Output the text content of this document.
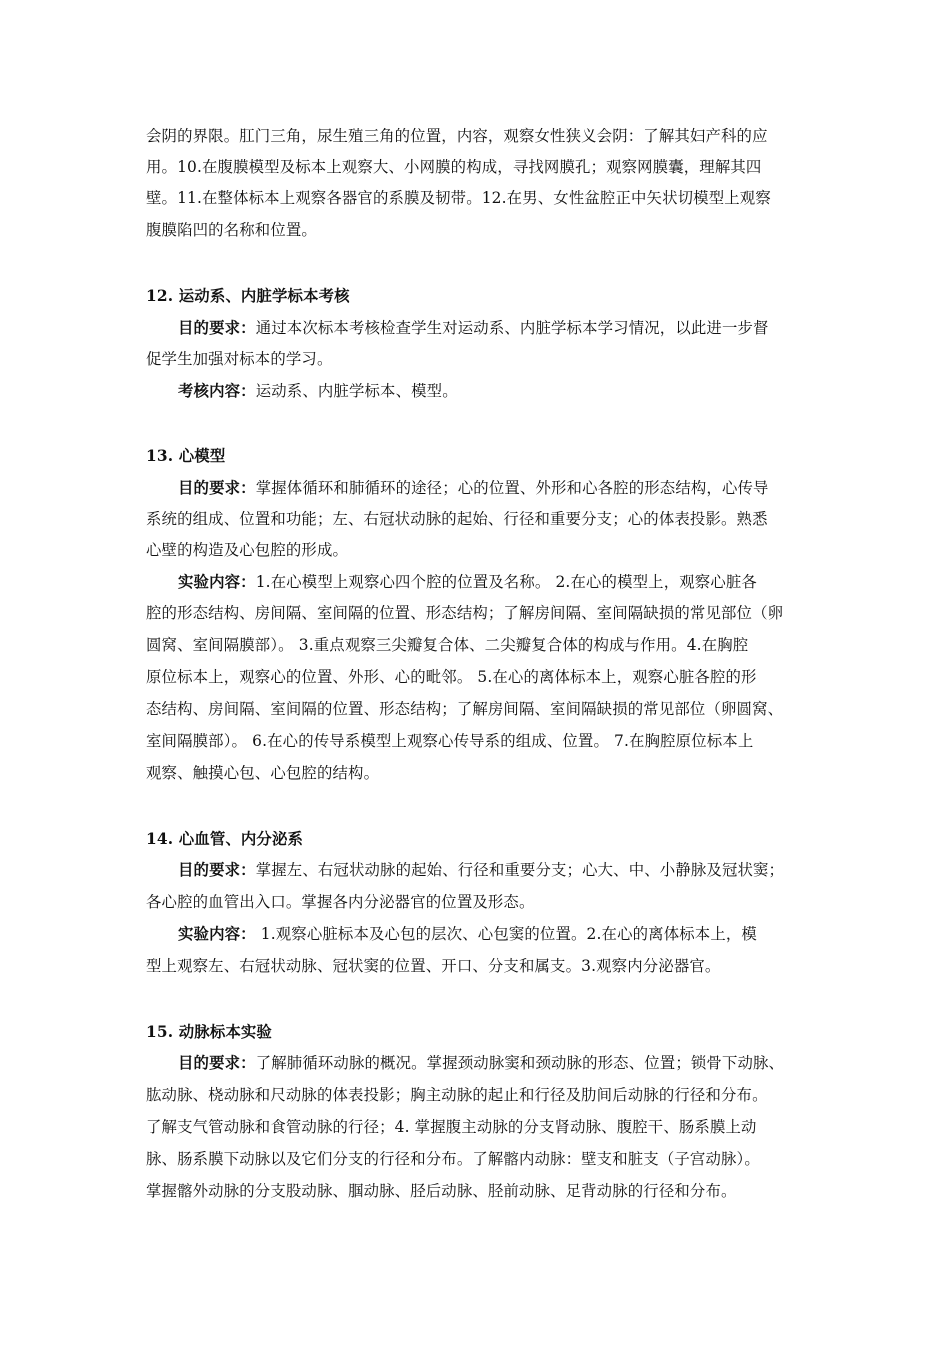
会阴的界限。肛门三角，尿生殖三角的位置，内容，观察女性狭义会阴：了解其妇产科的应
用。10.在腹膜模型及标本上观察大、小网膜的构成，寻找网膜孔；观察网膜囊，理解其四
壁。11.在整体标本上观察各器官的系膜及韧带。12.在男、女性盆腔正中矢状切模型上观察
腹膜陷凹的名称和位置。
12. 运动系、内脏学标本考核
目的要求：通过本次标本考核检查学生对运动系、内脏学标本学习情况，以此进一步督
促学生加强对标本的学习。
考核内容：运动系、内脏学标本、模型。
13. 心模型
目的要求：掌握体循环和肺循环的途径；心的位置、外形和心各腔的形态结构，心传导
系统的组成、位置和功能；左、右冠状动脉的起始、行径和重要分支；心的体表投影。熟悉
心壁的构造及心包腔的形成。
实验内容：1.在心模型上观察心四个腔的位置及名称。 2.在心的模型上，观察心脏各
腔的形态结构、房间隔、室间隔的位置、形态结构；了解房间隔、室间隔缺损的常见部位（卵
圆窝、室间隔膜部）。 3.重点观察三尖瓣复合体、二尖瓣复合体的构成与作用。4.在胸腔
原位标本上，观察心的位置、外形、心的毗邻。 5.在心的离体标本上，观察心脏各腔的形
态结构、房间隔、室间隔的位置、形态结构；了解房间隔、室间隔缺损的常见部位（卵圆窝、
室间隔膜部）。 6.在心的传导系模型上观察心传导系的组成、位置。 7.在胸腔原位标本上
观察、触摸心包、心包腔的结构。
14. 心血管、内分泌系
目的要求：掌握左、右冠状动脉的起始、行径和重要分支；心大、中、小静脉及冠状窦；
各心腔的血管出入口。掌握各内分泌器官的位置及形态。
实验内容： 1.观察心脏标本及心包的层次、心包窦的位置。2.在心的离体标本上，模
型上观察左、右冠状动脉、冠状窦的位置、开口、分支和属支。3.观察内分泌器官。
15. 动脉标本实验
目的要求：了解肺循环动脉的概况。掌握颈动脉窦和颈动脉的形态、位置；锁骨下动脉、
肱动脉、桡动脉和尺动脉的体表投影；胸主动脉的起止和行径及肋间后动脉的行径和分布。
了解支气管动脉和食管动脉的行径；4. 掌握腹主动脉的分支肾动脉、腹腔干、肠系膜上动
脉、肠系膜下动脉以及它们分支的行径和分布。了解髂内动脉：壁支和脏支（子宫动脉）。
掌握髂外动脉的分支股动脉、腘动脉、胫后动脉、胫前动脉、足背动脉的行径和分布。
